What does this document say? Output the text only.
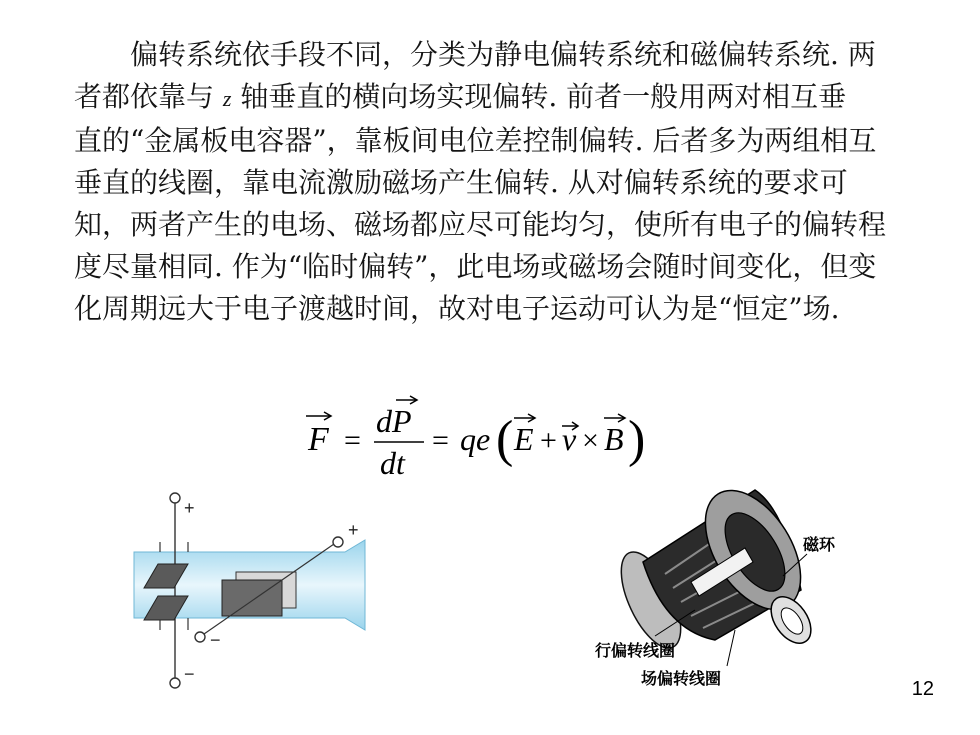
偏转系统依手段不同，分类为静电偏转系统和磁偏转系统. 两
者都依靠与 z 轴垂直的横向场实现偏转. 前者一般用两对相互垂
直的“金属板电容器”，靠板间电位差控制偏转. 后者多为两组相互
垂直的线圈，靠电流激励磁场产生偏转. 从对偏转系统的要求可
知，两者产生的电场、磁场都应尽可能均匀，使所有电子的偏转程
度尽量相同. 作为“临时偏转”，此电场或磁场会随时间变化，但变
化周期远大于电子渡越时间，故对电子运动可认为是“恒定”场.
F =
dP
dt
= qe ( E + v × B )
+
−
+
−
磁环
行偏转线圈
场偏转线圈	12
